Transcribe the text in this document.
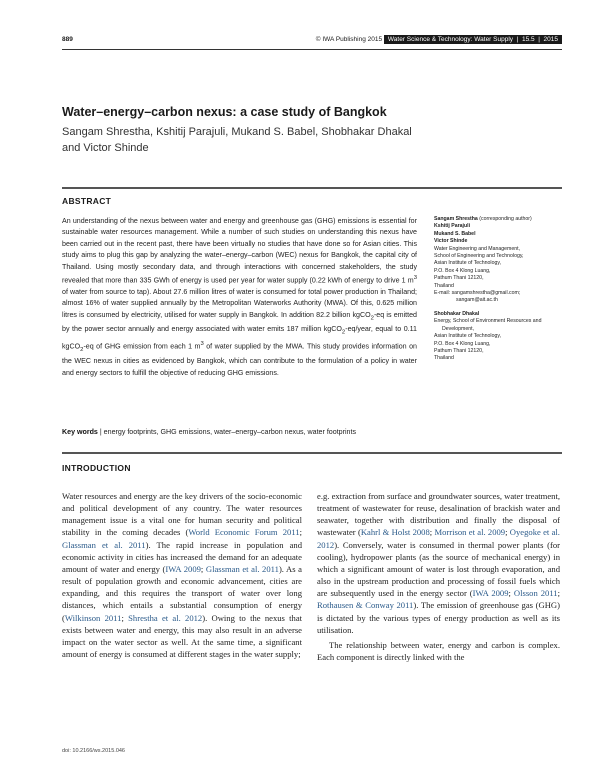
889	© IWA Publishing 2015 Water Science & Technology: Water Supply  |  15.5  |  2015
Water–energy–carbon nexus: a case study of Bangkok
Sangam Shrestha, Kshitij Parajuli, Mukand S. Babel, Shobhakar Dhakal and Victor Shinde
ABSTRACT
An understanding of the nexus between water and energy and greenhouse gas (GHG) emissions is essential for sustainable water resources management. While a number of such studies on understanding this nexus have been carried out in the recent past, there have been virtually no studies that have done so for Asian cities. This study aims to plug this gap by analyzing the water–energy–carbon (WEC) nexus for Bangkok, the capital city of Thailand. Using mostly secondary data, and through interactions with concerned stakeholders, the study revealed that more than 335 GWh of energy is used per year for water supply (0.22 kWh of energy to drive 1 $m^3$ of water from source to tap). About 27.6 million litres of water is consumed for total power production in Thailand; almost 16% of water supplied annually by the Metropolitan Waterworks Authority (MWA). Of this, 0.625 million litres is consumed by electricity, utilised for water supply in Bangkok. In addition 82.2 billion kgCO$_2$-eq is emitted by the power sector annually and energy associated with water emits 187 million kgCO$_2$-eq/year, equal to 0.11 kgCO$_2$-eq of GHG emission from each 1 $m^3$ of water supplied by the MWA. This study provides information on the WEC nexus in cities as evidenced by Bangkok, which can contribute to the formulation of a policy in water and energy sectors to fulfill the objective of reducing GHG emissions.
Key words | energy footprints, GHG emissions, water–energy–carbon nexus, water footprints
Sangam Shrestha (corresponding author)
Kshitij Parajuli
Mukand S. Babel
Victor Shinde
Water Engineering and Management,
School of Engineering and Technology,
Asian Institute of Technology,
P.O. Box 4 Klong Luang,
Pathum Thani 12120,
Thailand
E-mail: sangamshrestha@gmail.com;
sangam@ait.ac.th
Shobhakar Dhakal
Energy, School of Environment Resources and
Development,
Asian Institute of Technology,
P.O. Box 4 Klong Luang,
Pathum Thani 12120,
Thailand
INTRODUCTION
Water resources and energy are the key drivers of the socio-economic and political development of any country. The water resources management issue is a vital one for human security and political stability in the coming decades (World Economic Forum 2011; Glassman et al. 2011). The rapid increase in population and economic activity in cities has increased the demand for an adequate amount of water and energy (IWA 2009; Glassman et al. 2011). As a result of population growth and economic advancement, cities are expanding, and this requires the transport of water over long distances, which entails a substantial consumption of energy (Wilkinson 2011; Shrestha et al. 2012). Owing to the nexus that exists between water and energy, this may also result in an adverse impact on the water sector as well. At the same time, a significant amount of energy is consumed at different stages in the water supply;
e.g. extraction from surface and groundwater sources, water treatment, treatment of wastewater for reuse, desalination of brackish water and seawater, together with distribution and finally the disposal of wastewater (Kahrl & Holst 2008; Morrison et al. 2009; Oyegoke et al. 2012). Conversely, water is consumed in thermal power plants (for cooling), hydropower plants (as the source of mechanical energy) in which a significant amount of water is lost through evaporation, and also in the upstream production and processing of fossil fuels which are subsequently used in the energy sector (IWA 2009; Olsson 2011; Rothausen & Conway 2011). The emission of greenhouse gas (GHG) is dictated by the various types of energy production as well as its utilisation.
The relationship between water, energy and carbon is complex. Each component is directly linked with the
doi: 10.2166/ws.2015.046
